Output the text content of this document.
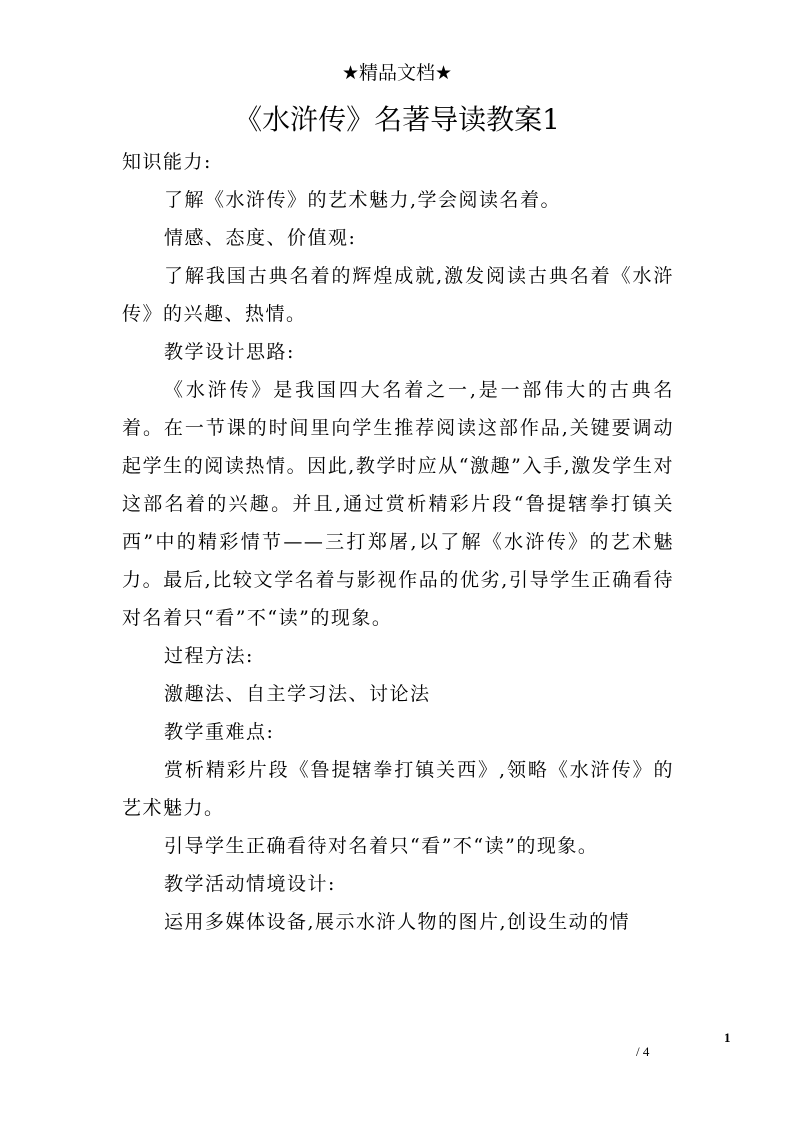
★精品文档★
《水浒传》名著导读教案1

知识能力:

了解《水浒传》的艺术魅力,学会阅读名着。

情感、态度、价值观:

了解我国古典名着的辉煌成就,激发阅读古典名着《水浒传》的兴趣、热情。

教学设计思路:

《水浒传》是我国四大名着之一,是一部伟大的古典名着。在一节课的时间里向学生推荐阅读这部作品,关键要调动起学生的阅读热情。因此,教学时应从“激趣”入手,激发学生对这部名着的兴趣。并且,通过赏析精彩片段“鲁提辖拳打镇关西”中的精彩情节——三打郑屠,以了解《水浒传》的艺术魅力。最后,比较文学名着与影视作品的优劣,引导学生正确看待对名着只“看”不“读”的现象。

过程方法:

激趣法、自主学习法、讨论法

教学重难点:

赏析精彩片段《鲁提辖拳打镇关西》,领略《水浒传》的艺术魅力。

引导学生正确看待对名着只“看”不“读”的现象。

教学活动情境设计:

运用多媒体设备,展示水浒人物的图片,创设生动的情

1
/ 4
